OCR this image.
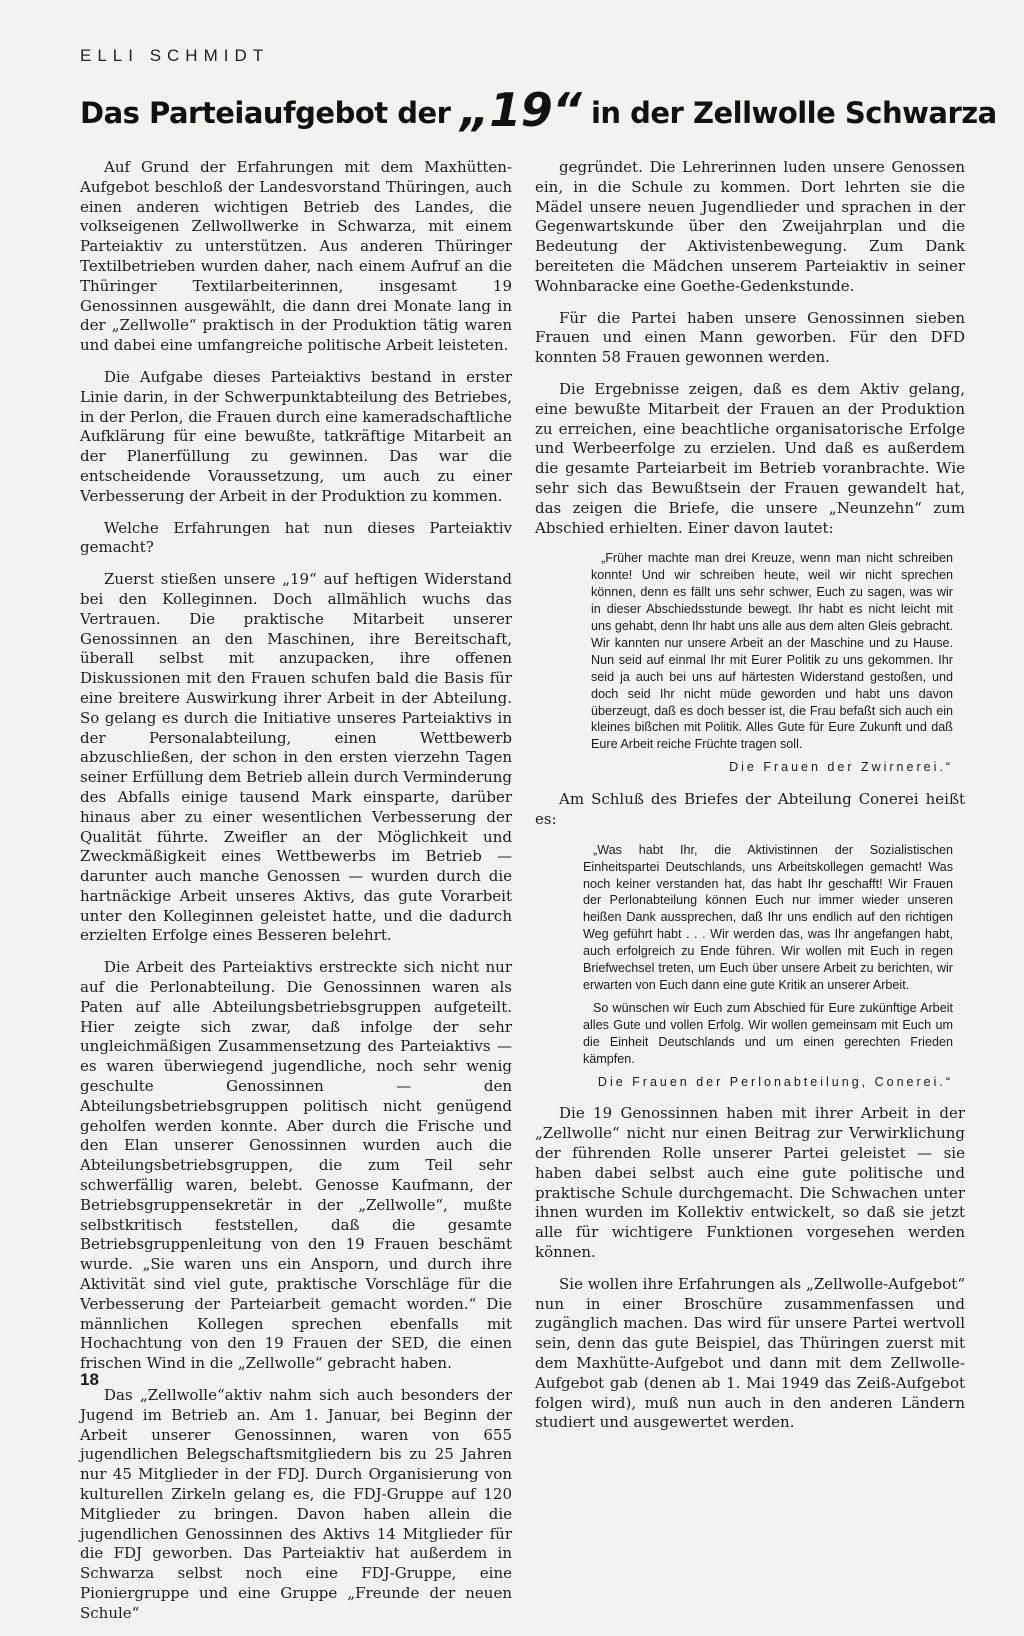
ELLI SCHMIDT
Das Parteiaufgebot der „19“ in der Zellwolle Schwarza

Auf Grund der Erfahrungen mit dem Maxhütten-Aufgebot beschloß der Landesvorstand Thüringen, auch einen anderen wichtigen Betrieb des Landes, die volkseigenen Zellwollwerke in Schwarza, mit einem Parteiaktiv zu unterstützen. Aus anderen Thüringer Textilbetrieben wurden daher, nach einem Aufruf an die Thüringer Textilarbeiterinnen, insgesamt 19 Genossinnen ausgewählt, die dann drei Monate lang in der „Zellwolle“ praktisch in der Produktion tätig waren und dabei eine umfangreiche politische Arbeit leisteten.

Die Aufgabe dieses Parteiaktivs bestand in erster Linie darin, in der Schwerpunktabteilung des Betriebes, in der Perlon, die Frauen durch eine kameradschaftliche Aufklärung für eine bewußte, tatkräftige Mitarbeit an der Planerfüllung zu gewinnen. Das war die entscheidende Voraussetzung, um auch zu einer Verbesserung der Arbeit in der Produktion zu kommen.

Welche Erfahrungen hat nun dieses Parteiaktiv gemacht?

Zuerst stießen unsere „19“ auf heftigen Widerstand bei den Kolleginnen. Doch allmählich wuchs das Vertrauen. Die praktische Mitarbeit unserer Genossinnen an den Maschinen, ihre Bereitschaft, überall selbst mit anzupacken, ihre offenen Diskussionen mit den Frauen schufen bald die Basis für eine breitere Auswirkung ihrer Arbeit in der Abteilung. So gelang es durch die Initiative unseres Parteiaktivs in der Personalabteilung, einen Wettbewerb abzuschließen, der schon in den ersten vierzehn Tagen seiner Erfüllung dem Betrieb allein durch Verminderung des Abfalls einige tausend Mark einsparte, darüber hinaus aber zu einer wesentlichen Verbesserung der Qualität führte. Zweifler an der Möglichkeit und Zweckmäßigkeit eines Wettbewerbs im Betrieb — darunter auch manche Genossen — wurden durch die hartnäckige Arbeit unseres Aktivs, das gute Vorarbeit unter den Kolleginnen geleistet hatte, und die dadurch erzielten Erfolge eines Besseren belehrt.

Die Arbeit des Parteiaktivs erstreckte sich nicht nur auf die Perlonabteilung. Die Genossinnen waren als Paten auf alle Abteilungsbetriebsgruppen aufgeteilt. Hier zeigte sich zwar, daß infolge der sehr ungleichmäßigen Zusammensetzung des Parteiaktivs — es waren überwiegend jugendliche, noch sehr wenig geschulte Genossinnen — den Abteilungsbetriebsgruppen politisch nicht genügend geholfen werden konnte. Aber durch die Frische und den Elan unserer Genossinnen wurden auch die Abteilungsbetriebsgruppen, die zum Teil sehr schwerfällig waren, belebt. Genosse Kaufmann, der Betriebsgruppensekretär in der „Zellwolle“, mußte selbstkritisch feststellen, daß die gesamte Betriebsgruppenleitung von den 19 Frauen beschämt wurde. „Sie waren uns ein Ansporn, und durch ihre Aktivität sind viel gute, praktische Vorschläge für die Verbesserung der Parteiarbeit gemacht worden.“ Die männlichen Kollegen sprechen ebenfalls mit Hochachtung von den 19 Frauen der SED, die einen frischen Wind in die „Zellwolle“ gebracht haben.

Das „Zellwolle“aktiv nahm sich auch besonders der Jugend im Betrieb an. Am 1. Januar, bei Beginn der Arbeit unserer Genossinnen, waren von 655 jugendlichen Belegschaftsmitgliedern bis zu 25 Jahren nur 45 Mitglieder in der FDJ. Durch Organisierung von kulturellen Zirkeln gelang es, die FDJ-Gruppe auf 120 Mitglieder zu bringen. Davon haben allein die jugendlichen Genossinnen des Aktivs 14 Mitglieder für die FDJ geworben. Das Parteiaktiv hat außerdem in Schwarza selbst noch eine FDJ-Gruppe, eine Pioniergruppe und eine Gruppe „Freunde der neuen Schule“

gegründet. Die Lehrerinnen luden unsere Genossen ein, in die Schule zu kommen. Dort lehrten sie die Mädel unsere neuen Jugendlieder und sprachen in der Gegenwartskunde über den Zweijahrplan und die Bedeutung der Aktivistenbewegung. Zum Dank bereiteten die Mädchen unserem Parteiaktiv in seiner Wohnbaracke eine Goethe-Gedenkstunde.

Für die Partei haben unsere Genossinnen sieben Frauen und einen Mann geworben. Für den DFD konnten 58 Frauen gewonnen werden.

Die Ergebnisse zeigen, daß es dem Aktiv gelang, eine bewußte Mitarbeit der Frauen an der Produktion zu erreichen, eine beachtliche organisatorische Erfolge und Werbeerfolge zu erzielen. Und daß es außerdem die gesamte Parteiarbeit im Betrieb voranbrachte. Wie sehr sich das Bewußtsein der Frauen gewandelt hat, das zeigen die Briefe, die unsere „Neunzehn“ zum Abschied erhielten. Einer davon lautet:

„Früher machte man drei Kreuze, wenn man nicht schreiben konnte! Und wir schreiben heute, weil wir nicht sprechen können, denn es fällt uns sehr schwer, Euch zu sagen, was wir in dieser Abschiedsstunde bewegt. Ihr habt es nicht leicht mit uns gehabt, denn Ihr habt uns alle aus dem alten Gleis gebracht. Wir kannten nur unsere Arbeit an der Maschine und zu Hause. Nun seid auf einmal Ihr mit Eurer Politik zu uns gekommen. Ihr seid ja auch bei uns auf härtesten Widerstand gestoßen, und doch seid Ihr nicht müde geworden und habt uns davon überzeugt, daß es doch besser ist, die Frau befaßt sich auch ein kleines bißchen mit Politik. Alles Gute für Eure Zukunft und daß Eure Arbeit reiche Früchte tragen soll.

Die Frauen der Zwirnerei.“

Am Schluß des Briefes der Abteilung Conerei heißt es:

„Was habt Ihr, die Aktivistinnen der Sozialistischen Einheitspartei Deutschlands, uns Arbeitskollegen gemacht! Was noch keiner verstanden hat, das habt Ihr geschafft! Wir Frauen der Perlonabteilung können Euch nur immer wieder unseren heißen Dank aussprechen, daß Ihr uns endlich auf den richtigen Weg geführt habt . . . Wir werden das, was Ihr angefangen habt, auch erfolgreich zu Ende führen. Wir wollen mit Euch in regen Briefwechsel treten, um Euch über unsere Arbeit zu berichten, wir erwarten von Euch dann eine gute Kritik an unserer Arbeit.

So wünschen wir Euch zum Abschied für Eure zukünftige Arbeit alles Gute und vollen Erfolg. Wir wollen gemeinsam mit Euch um die Einheit Deutschlands und um einen gerechten Frieden kämpfen.

Die Frauen der Perlonabteilung, Conerei.“

Die 19 Genossinnen haben mit ihrer Arbeit in der „Zellwolle“ nicht nur einen Beitrag zur Verwirklichung der führenden Rolle unserer Partei geleistet — sie haben dabei selbst auch eine gute politische und praktische Schule durchgemacht. Die Schwachen unter ihnen wurden im Kollektiv entwickelt, so daß sie jetzt alle für wichtigere Funktionen vorgesehen werden können.

Sie wollen ihre Erfahrungen als „Zellwolle-Aufgebot“ nun in einer Broschüre zusammenfassen und zugänglich machen. Das wird für unsere Partei wertvoll sein, denn das gute Beispiel, das Thüringen zuerst mit dem Maxhütte-Aufgebot und dann mit dem Zellwolle-Aufgebot gab (denen ab 1. Mai 1949 das Zeiß-Aufgebot folgen wird), muß nun auch in den anderen Ländern studiert und ausgewertet werden.

18
